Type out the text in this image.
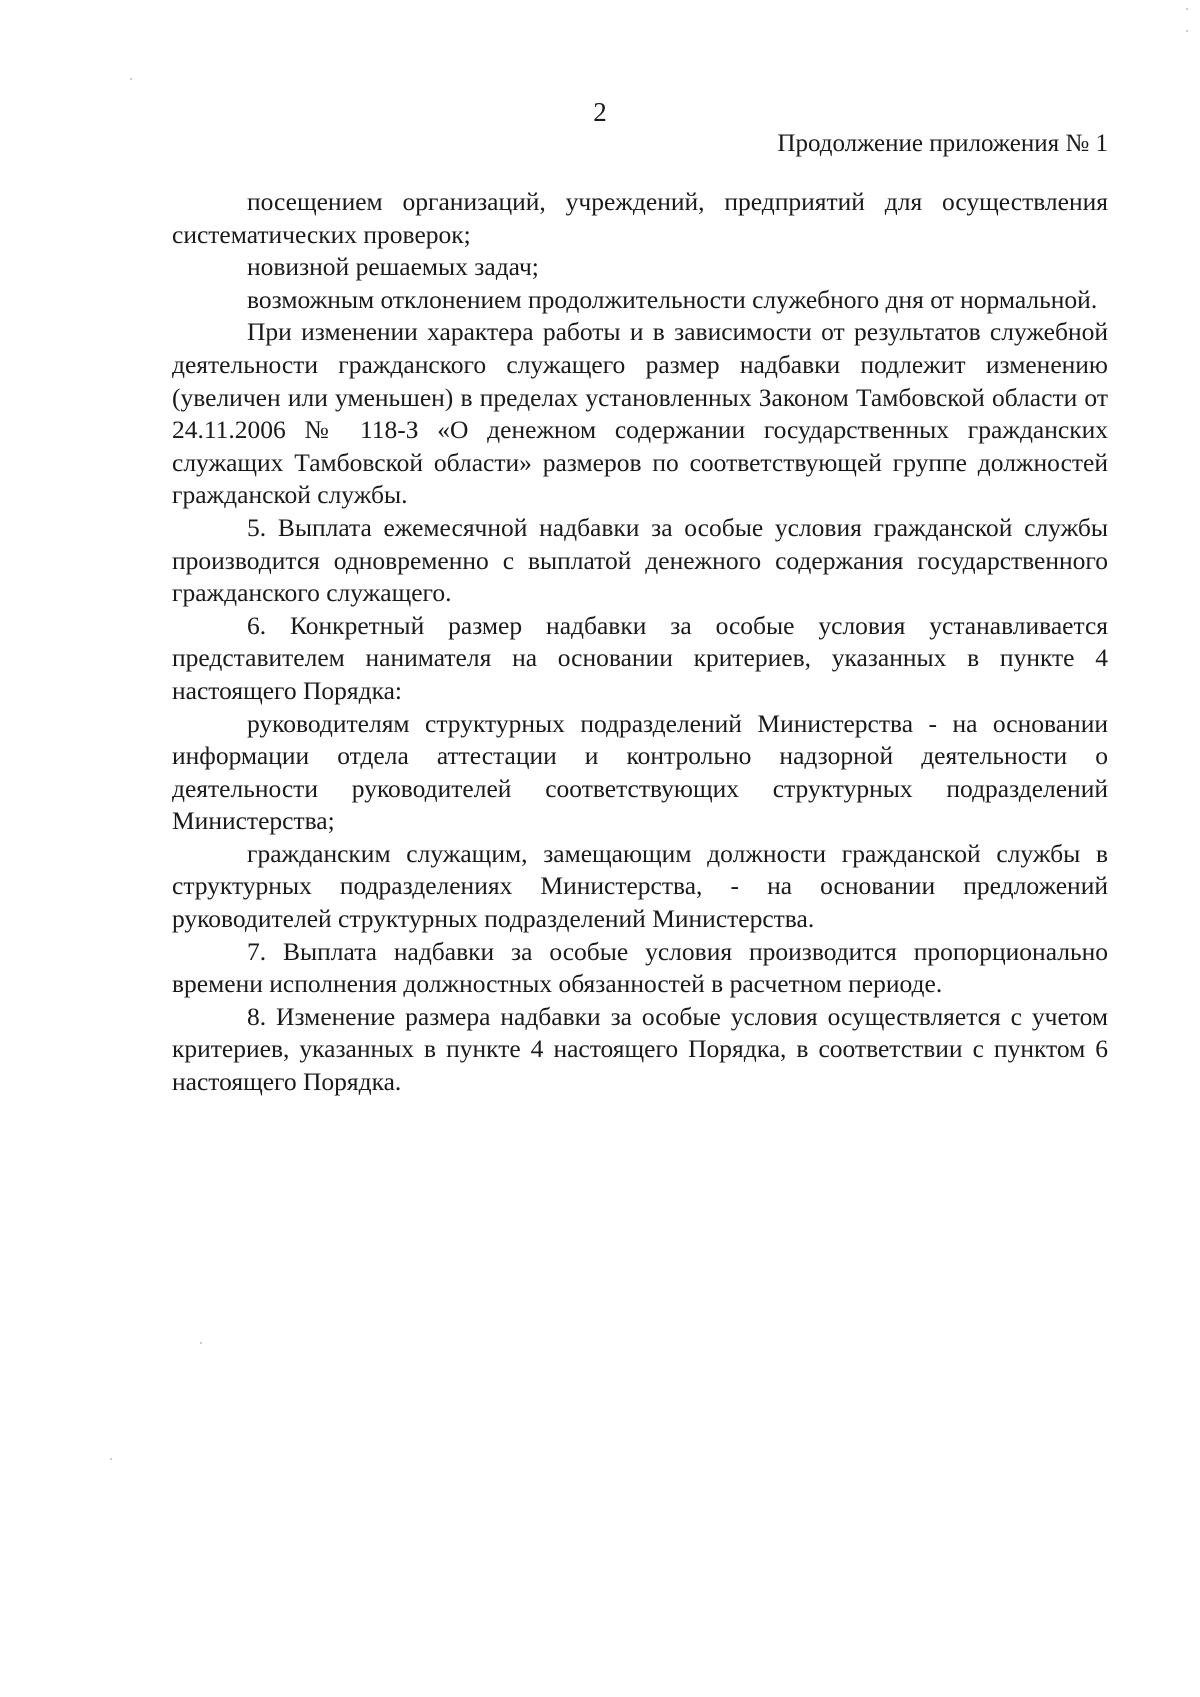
2
Продолжение приложения № 1

посещением организаций, учреждений, предприятий для осуществления систематических проверок;

новизной решаемых задач;

возможным отклонением продолжительности служебного дня от нормальной.

При изменении характера работы и в зависимости от результатов служебной деятельности гражданского служащего размер надбавки подлежит изменению (увеличен или уменьшен) в пределах установленных Законом Тамбовской области от 24.11.2006 № 118-З «О денежном содержании государственных гражданских служащих Тамбовской области» размеров по соответствующей группе должностей гражданской службы.

5. Выплата ежемесячной надбавки за особые условия гражданской службы производится одновременно с выплатой денежного содержания государственного гражданского служащего.

6. Конкретный размер надбавки за особые условия устанавливается представителем нанимателя на основании критериев, указанных в пункте 4 настоящего Порядка:

руководителям структурных подразделений Министерства - на основании информации отдела аттестации и контрольно надзорной деятельности о деятельности руководителей соответствующих структурных подразделений Министерства;

гражданским служащим, замещающим должности гражданской службы в структурных подразделениях Министерства, - на основании предложений руководителей структурных подразделений Министерства.

7. Выплата надбавки за особые условия производится пропорционально времени исполнения должностных обязанностей в расчетном периоде.

8. Изменение размера надбавки за особые условия осуществляется с учетом критериев, указанных в пункте 4 настоящего Порядка, в соответствии с пунктом 6 настоящего Порядка.
